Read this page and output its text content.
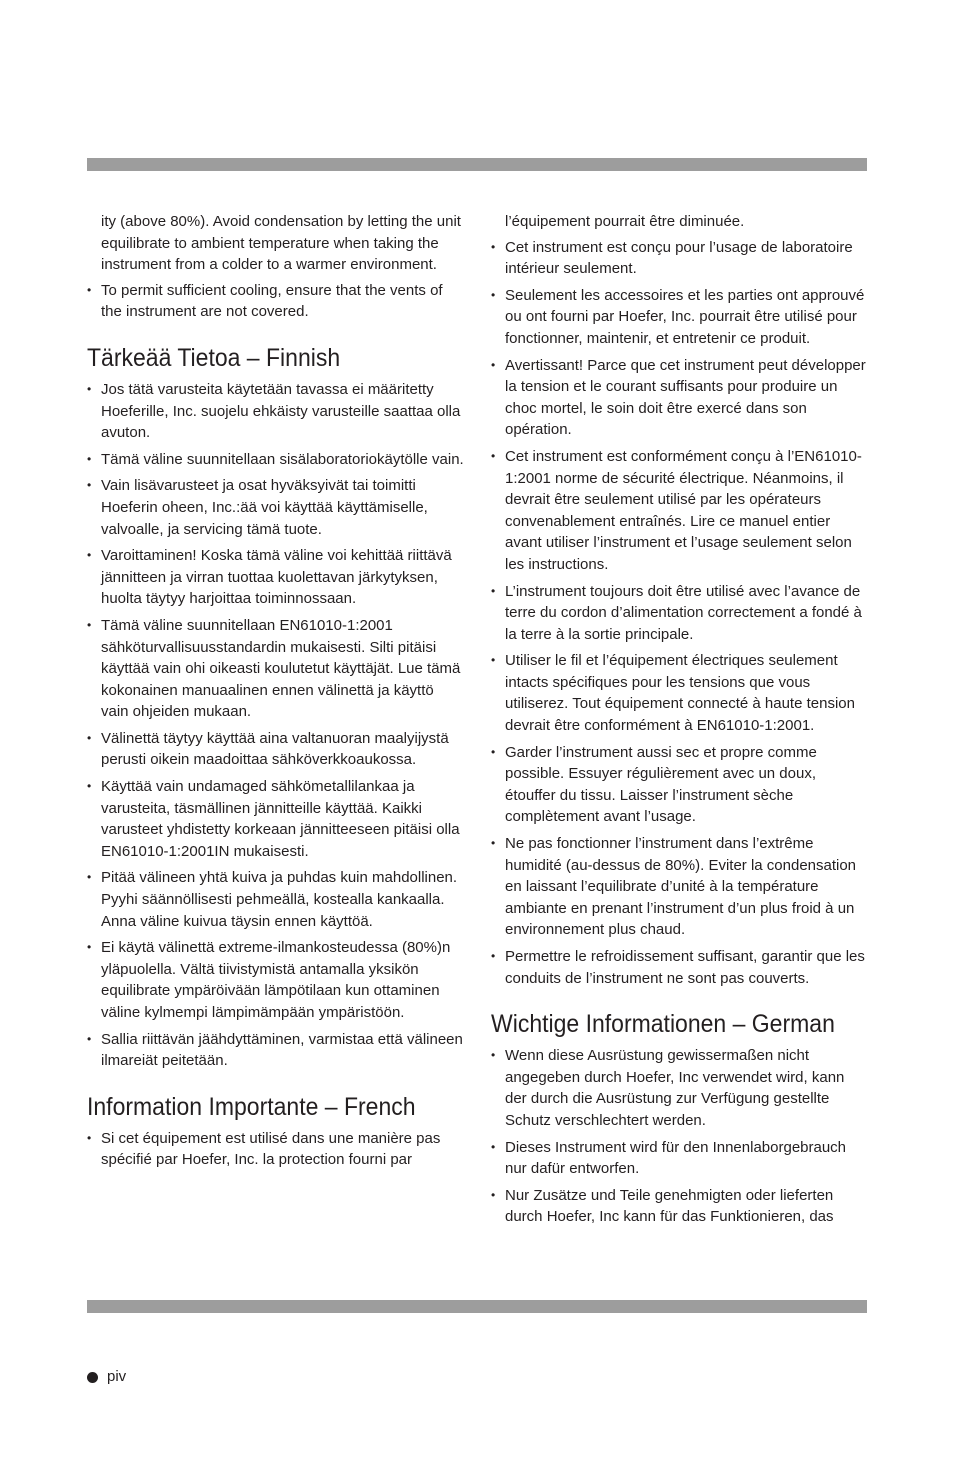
ity (above 80%). Avoid condensation by letting the unit equilibrate to ambient temperature when taking the instrument from a colder to a warmer environment.

• To permit sufficient cooling, ensure that the vents of the instrument are not covered.
Tärkeää Tietoa – Finnish
• Jos tätä varusteita käytetään tavassa ei määritetty Hoeferille, Inc. suojelu ehkäisty varusteille saattaa olla avuton.
• Tämä väline suunnitellaan sisälaboratoriokäytölle vain.
• Vain lisävarusteet ja osat hyväksyivät tai toimitti Hoeferin oheen, Inc.:ää voi käyttää käyttämiselle, valvoalle, ja servicing tämä tuote.
• Varoittaminen! Koska tämä väline voi kehittää riittävä jännitteen ja virran tuottaa kuolettavan järkytyksen, huolta täytyy harjoittaa toiminnossaan.
• Tämä väline suunnitellaan EN61010-1:2001 sähköturvallisuusstandardin mukaisesti. Silti pitäisi käyttää vain ohi oikeasti koulutetut käyttäjät. Lue tämä kokonainen manuaalinen ennen välinettä ja käyttö vain ohjeiden mukaan.
• Välinettä täytyy käyttää aina valtanuoran maalyijystä perusti oikein maadoittaa sähköverkkoaukossa.
• Käyttää vain undamaged sähkömetallilankaa ja varusteita, täsmällinen jännitteille käyttää. Kaikki varusteet yhdistetty korkeaan jännitteeseen pitäisi olla EN61010-1:2001IN mukaisesti.
• Pitää välineen yhtä kuiva ja puhdas kuin mahdollinen. Pyyhi säännöllisesti pehmeällä, kostealla kankaalla. Anna väline kuivua täysin ennen käyttöä.
• Ei käytä välinettä extreme-ilmankosteudessa (80%)n yläpuolella. Vältä tiivistymistä antamalla yksikön equilibrate ympäröivään lämpötilaan kun ottaminen väline kylmempi lämpimämpään ympäristöön.
• Sallia riittävän jäähdyttäminen, varmistaa että välineen ilmareiät peitetään.
Information Importante – French
• Si cet équipement est utilisé dans une manière pas spécifié par Hoefer, Inc. la protection fourni par

l’équipement pourrait être diminuée.

• Cet instrument est conçu pour l’usage de laboratoire intérieur seulement.
• Seulement les accessoires et les parties ont approuvé ou ont fourni par Hoefer, Inc. pourrait être utilisé pour fonctionner, maintenir, et entretenir ce produit.
• Avertissant! Parce que cet instrument peut développer la tension et le courant suffisants pour produire un choc mortel, le soin doit être exercé dans son opération.
• Cet instrument est conformément conçu à l’EN61010-1:2001 norme de sécurité électrique. Néanmoins, il devrait être seulement utilisé par les opérateurs convenablement entraînés. Lire ce manuel entier avant utiliser l’instrument et l’usage seulement selon les instructions.
• L’instrument toujours doit être utilisé avec l’avance de terre du cordon d’alimentation correctement a fondé à la terre à la sortie principale.
• Utiliser le fil et l’équipement électriques seulement intacts spécifiques pour les tensions que vous utiliserez. Tout équipement connecté à haute tension devrait être conformément à EN61010-1:2001.
• Garder l’instrument aussi sec et propre comme possible. Essuyer régulièrement avec un doux, étouffer du tissu. Laisser l’instrument sèche complètement avant l’usage.
• Ne pas fonctionner l’instrument dans l’extrême humidité (au-dessus de 80%). Eviter la condensation en laissant l’equilibrate d’unité à la température ambiante en prenant l’instrument d’un plus froid à un environnement plus chaud.
• Permettre le refroidissement suffisant, garantir que les conduits de l’instrument ne sont pas couverts.
Wichtige Informationen – German
• Wenn diese Ausrüstung gewissermaßen nicht angegeben durch Hoefer, Inc verwendet wird, kann der durch die Ausrüstung zur Verfügung gestellte Schutz verschlechtert werden.
• Dieses Instrument wird für den Innenlaborgebrauch nur dafür entworfen.
• Nur Zusätze und Teile genehmigten oder lieferten durch Hoefer, Inc kann für das Funktionieren, das
piv
